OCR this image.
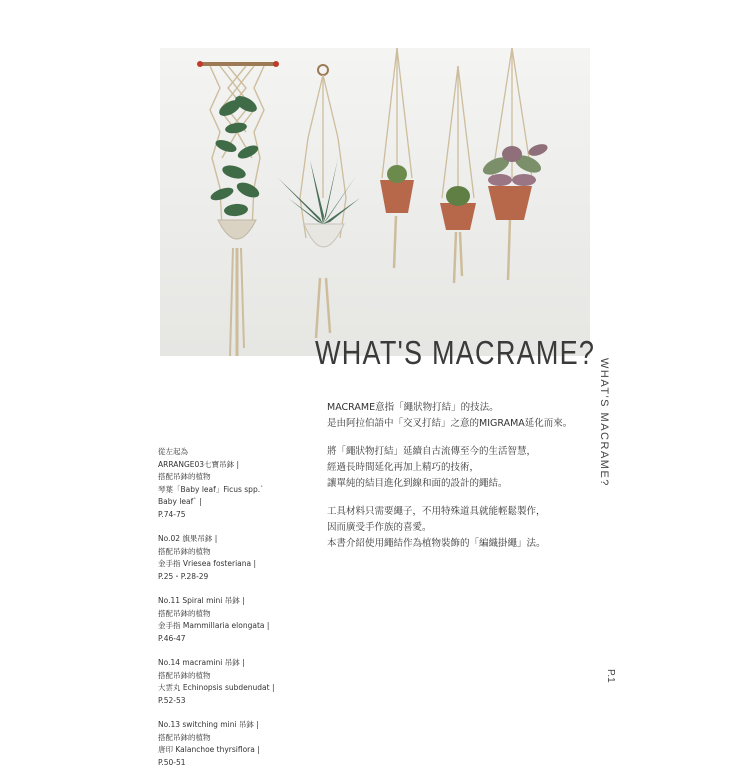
WHAT'S MACRAME?
WHAT'S MACRAME?
P.1

MACRAME意指「繩狀物打結」的技法。
是由阿拉伯語中「交叉打結」之意的MIGRAMA延化而來。

將「繩狀物打結」延續自古流傳至今的生活智慧，
經過長時間延化再加上精巧的技術，
讓單純的結目進化到線和面的設計的繩結。

工具材料只需要繩子，不用特殊道具就能輕鬆製作，
因而廣受手作族的喜愛。
本書介紹使用繩結作為植物裝飾的「編織掛繩」法。

從左起為
ARRANGE03七寶吊鉢 |
搭配吊鉢的植物
琴葉「Baby leaf」Ficus spp.`
Baby leaf` |
P.74-75
No.02 旗果吊鉢 |
搭配吊鉢的植物
金手指 Vriesea fosteriana |
P.25・P.28-29
No.11 Spiral mini 吊鉢 |
搭配吊鉢的植物
金手指 Mammillaria elongata |
P.46-47
No.14 macramini 吊鉢 |
搭配吊鉢的植物
大雲丸 Echinopsis subdenudat |
P.52-53
No.13 switching mini 吊鉢 |
搭配吊鉢的植物
唐印 Kalanchoe thyrsiflora |
P.50-51
